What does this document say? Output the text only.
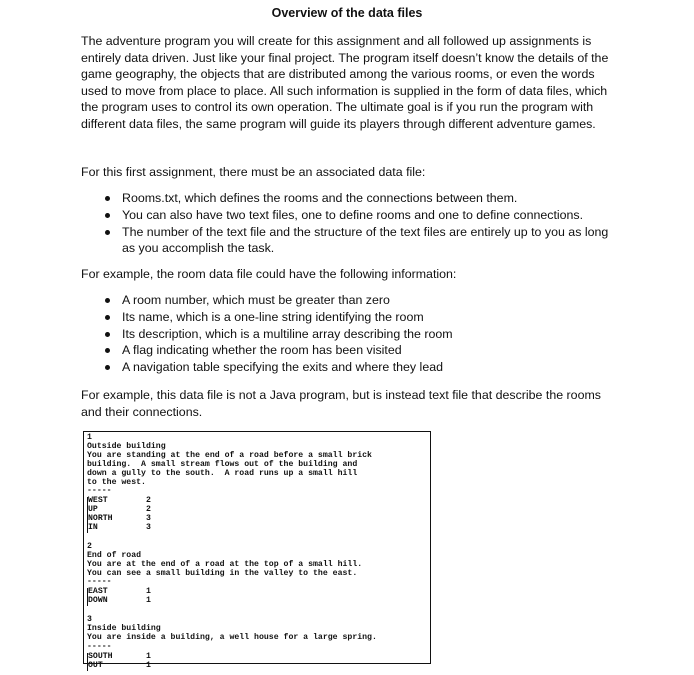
Overview of the data files

The adventure program you will create for this assignment and all followed up assignments is entirely data driven. Just like your final project. The program itself doesn’t know the details of the game geography, the objects that are distributed among the various rooms, or even the words used to move from place to place. All such information is supplied in the form of data files, which the program uses to control its own operation. The ultimate goal is if you run the program with different data files, the same program will guide its players through different adventure games.

For this first assignment, there must be an associated data file:

Rooms.txt, which defines the rooms and the connections between them.
You can also have two text files, one to define rooms and one to define connections.
The number of the text file and the structure of the text files are entirely up to you as long as you accomplish the task.

For example, the room data file could have the following information:

A room number, which must be greater than zero
Its name, which is a one-line string identifying the room
Its description, which is a multiline array describing the room
A flag indicating whether the room has been visited
A navigation table specifying the exits and where they lead

For example, this data file is not a Java program, but is instead text file that describe the rooms and their connections.

1
Outside building
You are standing at the end of a road before a small brick
building.  A small stream flows out of the building and
down a gully to the south.  A road runs up a small hill
to the west.
-----
WEST	2
UP	2
NORTH	3
IN	3
2
End of road
You are at the end of a road at the top of a small hill.
You can see a small building in the valley to the east.
-----
EAST	1
DOWN	1
3
Inside building
You are inside a building, a well house for a large spring.
-----
SOUTH	1
OUT	1
